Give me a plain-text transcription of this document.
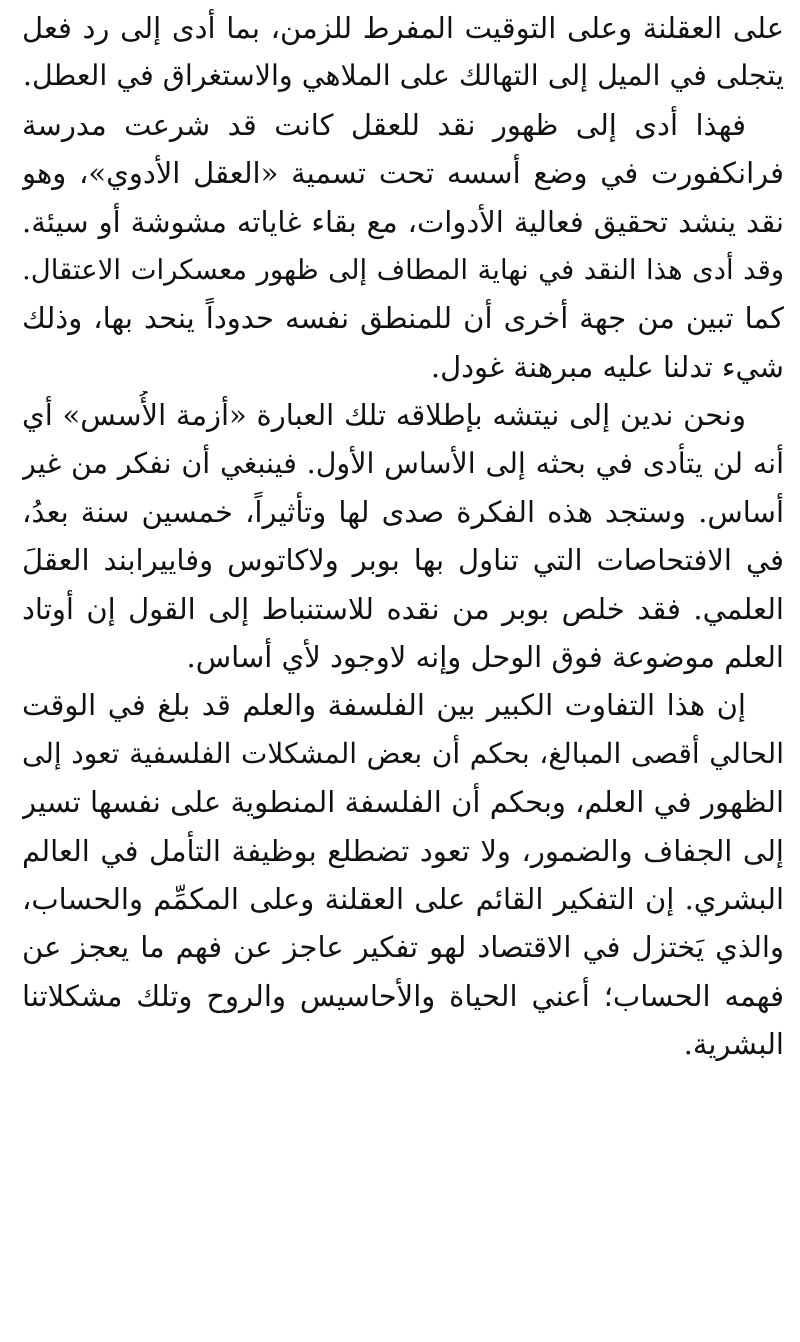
على العقلنة وعلى التوقيت المفرط للزمن، بما أدى إلى رد فعل
يتجلى في الميل إلى التهالك على الملاهي والاستغراق في العطل.
فهذا أدى إلى ظهور نقد للعقل كانت قد شرعت مدرسة
فرانكفورت في وضع أسسه تحت تسمية «العقل الأدوي»، وهو
نقد ينشد تحقيق فعالية الأدوات، مع بقاء غاياته مشوشة أو سيئة.
وقد أدى هذا النقد في نهاية المطاف إلى ظهور معسكرات الاعتقال.
كما تبين من جهة أخرى أن للمنطق نفسه حدوداً ينحد بها، وذلك
شيء تدلنا عليه مبرهنة غودل.
ونحن ندين إلى نيتشه بإطلاقه تلك العبارة «أزمة الأُسس» أي
أنه لن يتأدى في بحثه إلى الأساس الأول. فينبغي أن نفكر من غير
أساس. وستجد هذه الفكرة صدى لها وتأثيراً، خمسين سنة بعدُ،
في الافتحاصات التي تناول بها بوبر ولاكاتوس وفاييرابند العقلَ
العلمي. فقد خلص بوبر من نقده للاستنباط إلى القول إن أوتاد
العلم موضوعة فوق الوحل وإنه لاوجود لأي أساس.
إن هذا التفاوت الكبير بين الفلسفة والعلم قد بلغ في الوقت
الحالي أقصى المبالغ، بحكم أن بعض المشكلات الفلسفية تعود إلى
الظهور في العلم، وبحكم أن الفلسفة المنطوية على نفسها تسير
إلى الجفاف والضمور، ولا تعود تضطلع بوظيفة التأمل في العالم
البشري. إن التفكير القائم على العقلنة وعلى المكمِّم والحساب،
والذي يَختزل في الاقتصاد لهو تفكير عاجز عن فهم ما يعجز عن
فهمه الحساب؛ أعني الحياة والأحاسيس والروح وتلك مشكلاتنا
البشرية.
